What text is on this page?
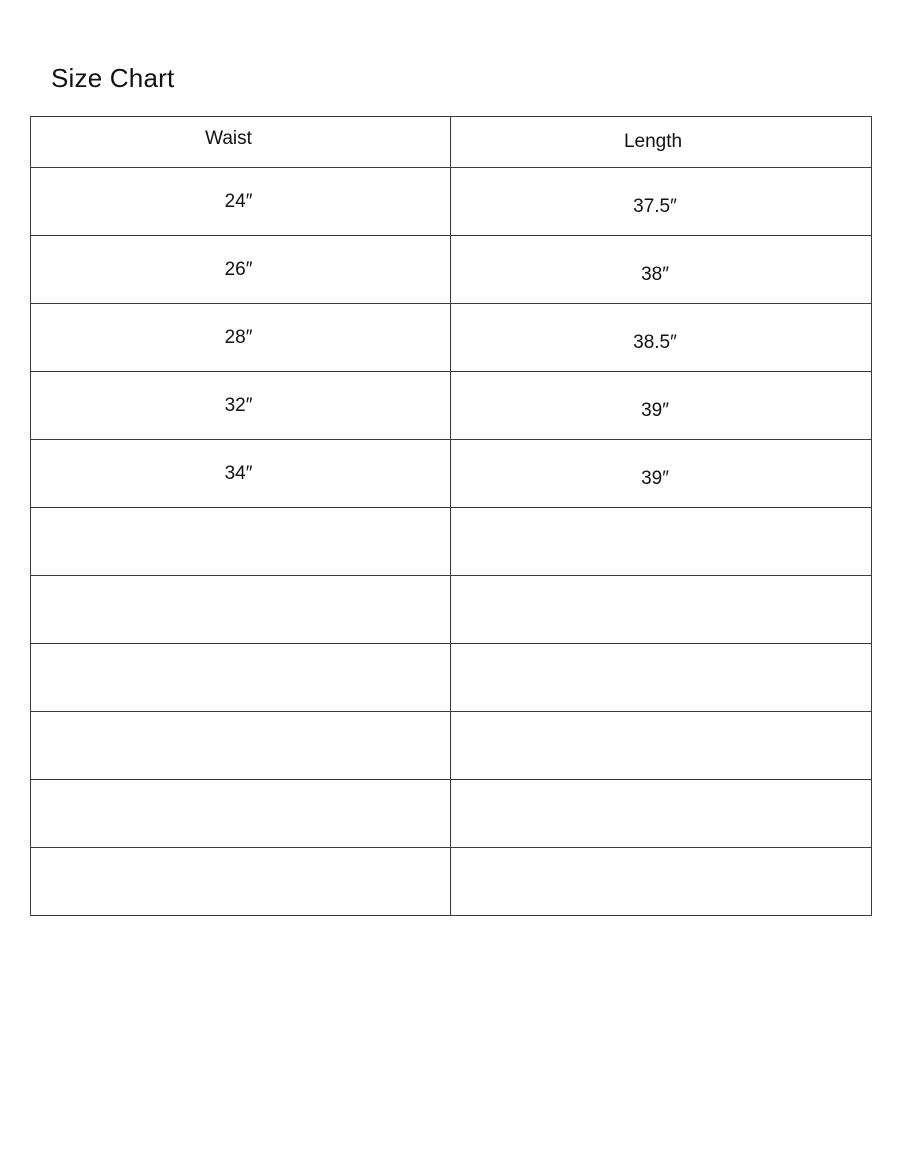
Size Chart
Waist	Length
24″	37.5″
26″	38″
28″	38.5″
32″	39″
34″	39″
